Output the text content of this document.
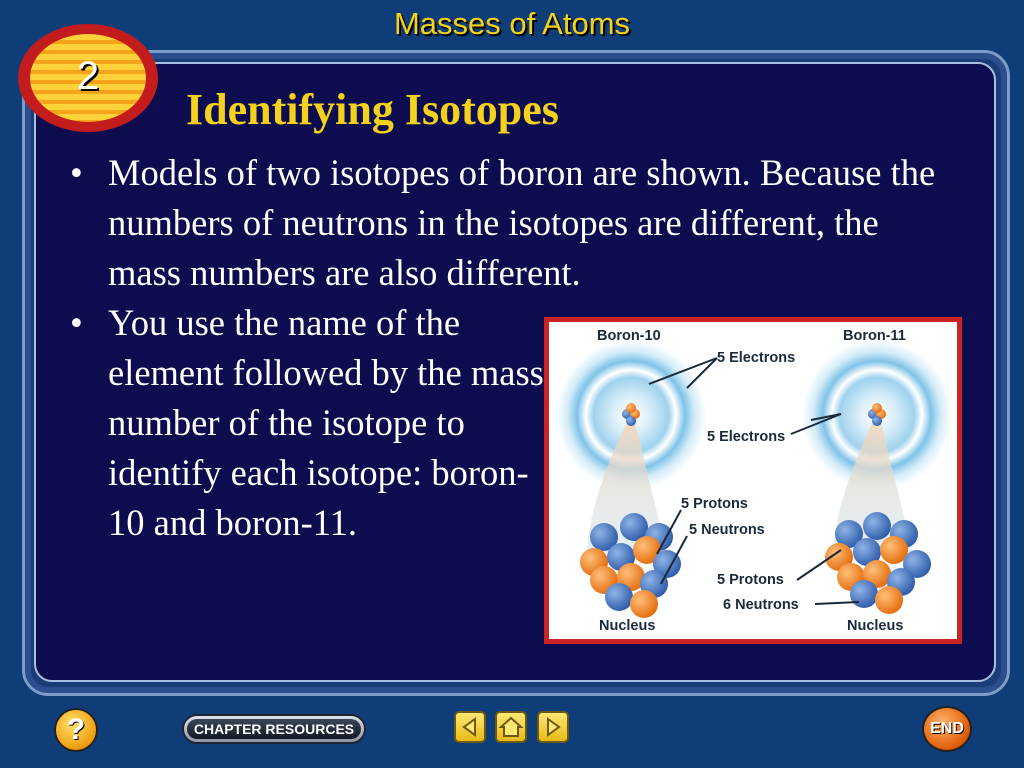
Masses of Atoms
2
Identifying Isotopes
• Models of two isotopes of boron are shown. Because the numbers of neutrons in the isotopes are different, the mass numbers are also different.
• You use the name of the element followed by the mass number of the isotope to identify each isotope: boron-10 and boron-11.
Boron-10	Boron-11
5 Electrons
5 Electrons
5 Protons
5 Neutrons
5 Protons
6 Neutrons
Nucleus	Nucleus
?	CHAPTER RESOURCES	END
